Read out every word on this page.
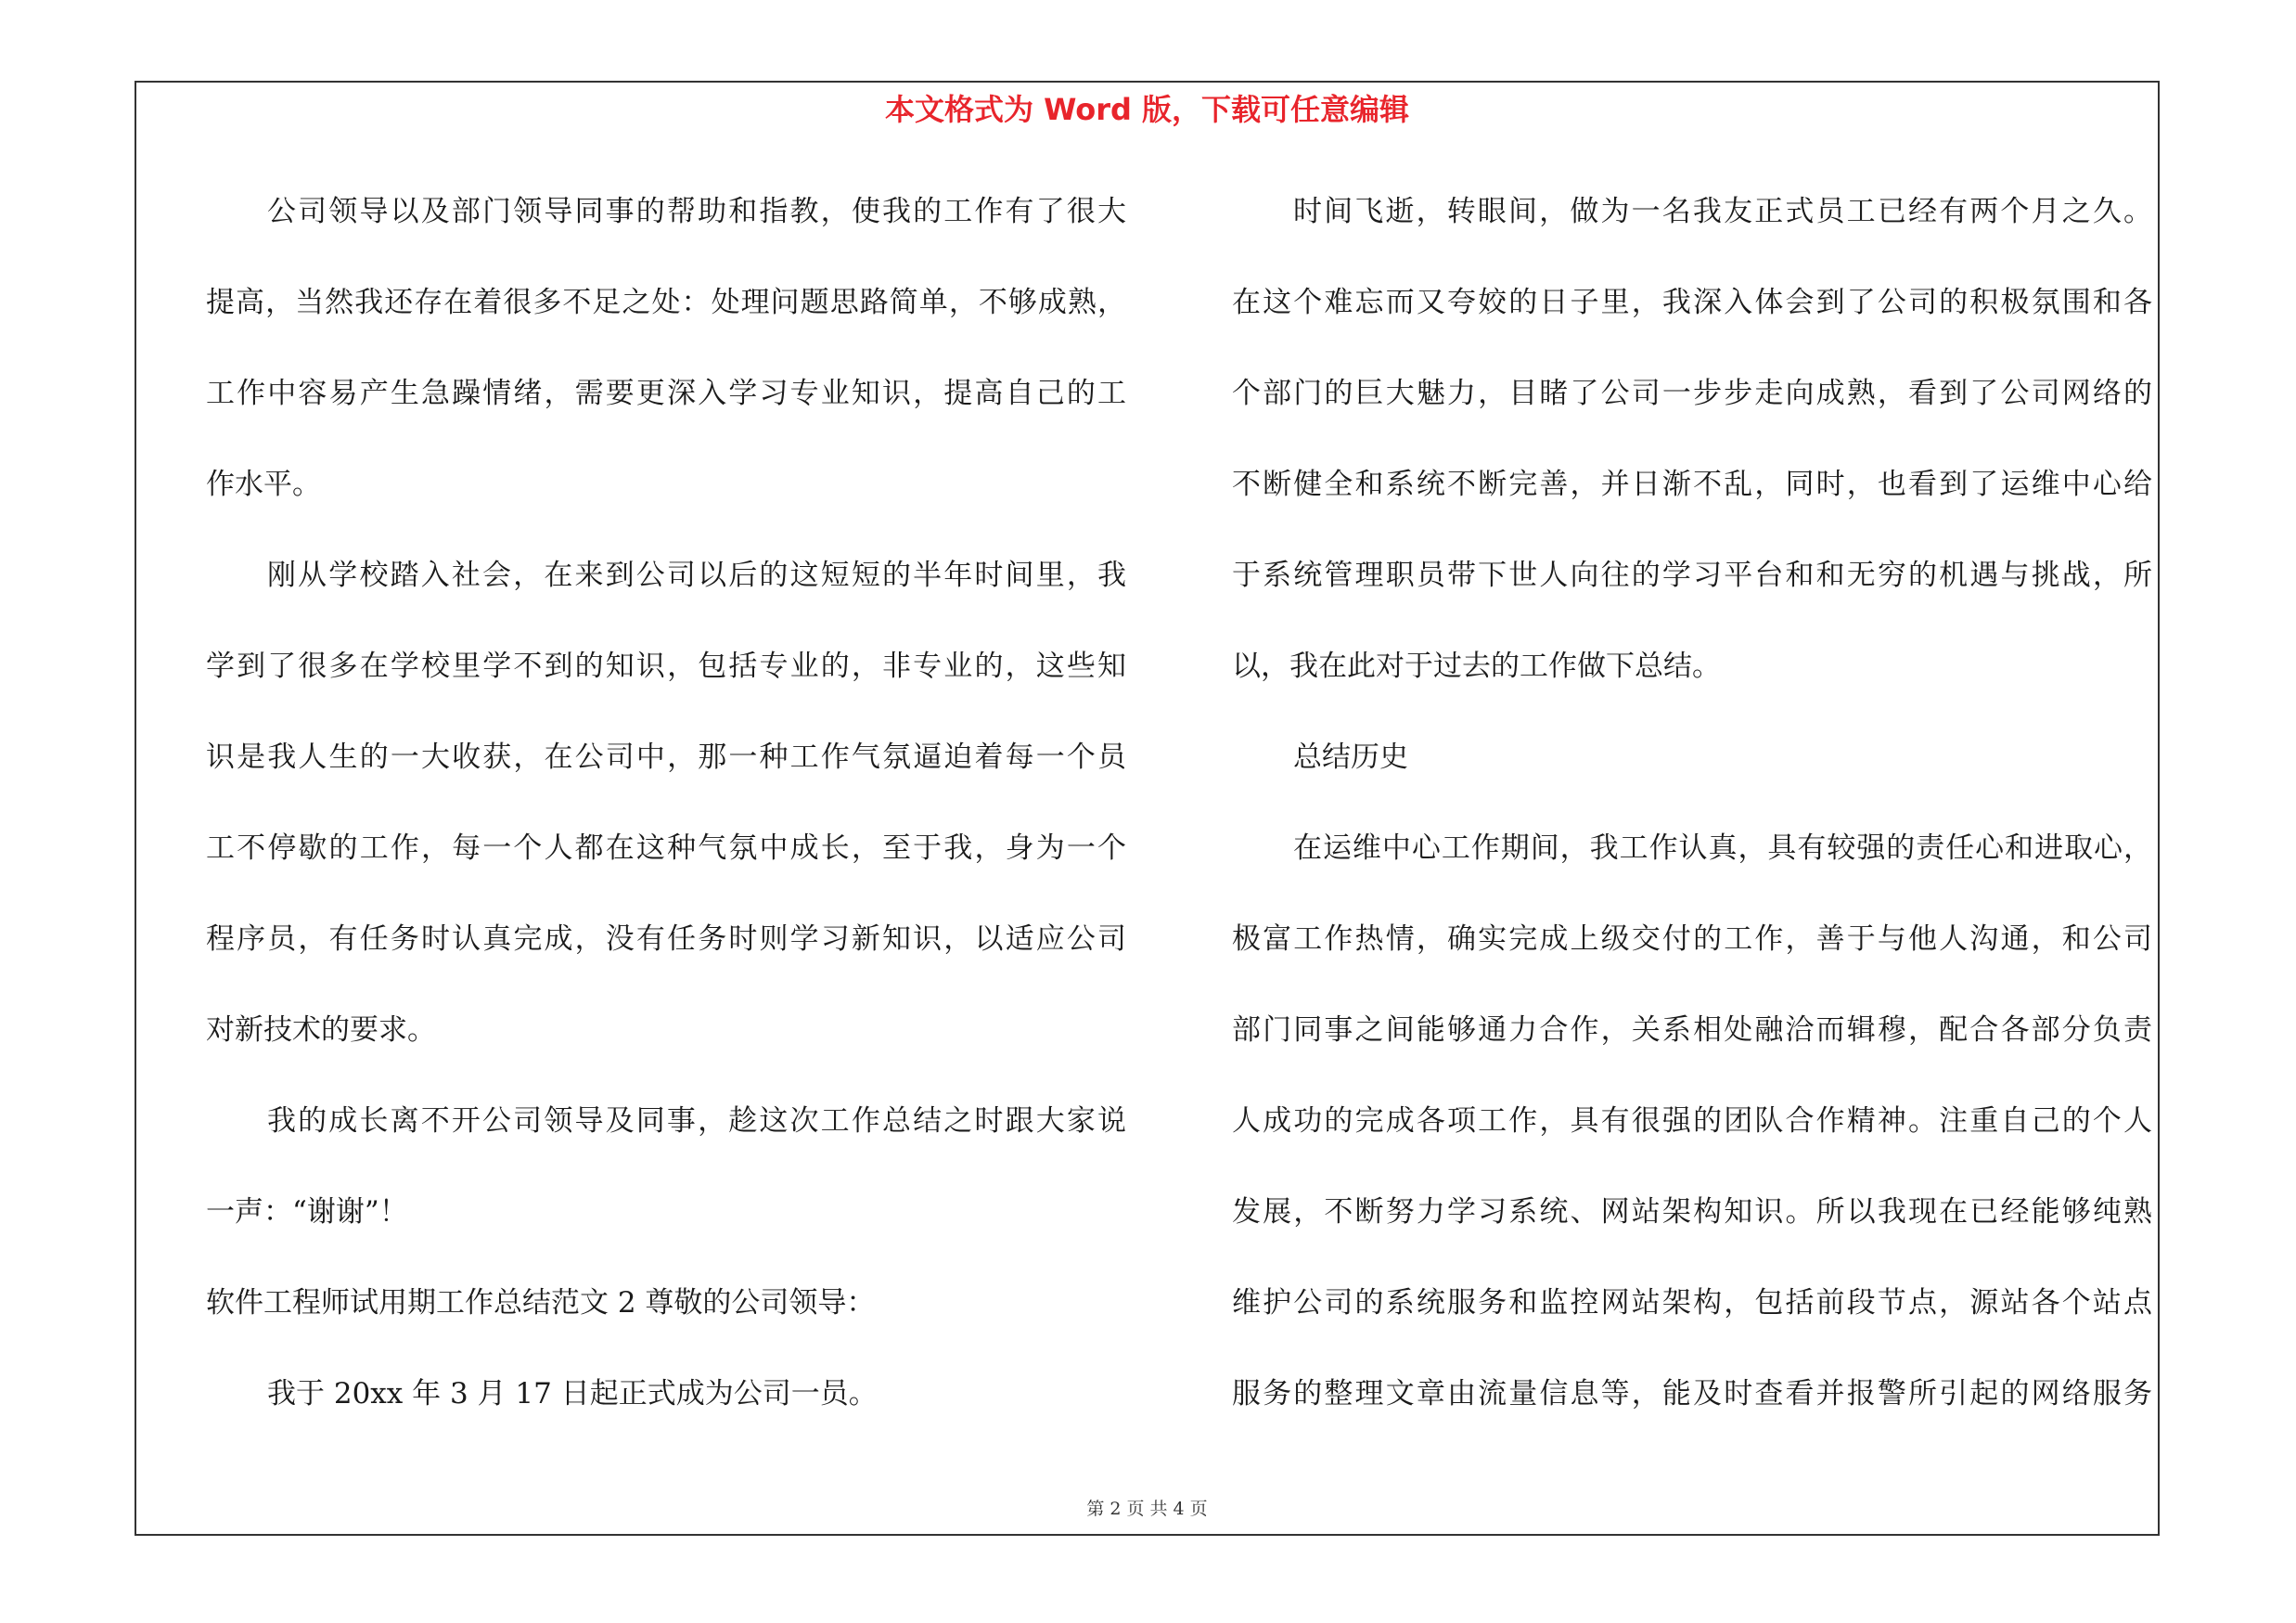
本文格式为 Word 版，下载可任意编辑
公司领导以及部门领导同事的帮助和指教，使我的工作有了很大
提高，当然我还存在着很多不足之处：处理问题思路简单，不够成熟，
工作中容易产生急躁情绪，需要更深入学习专业知识，提高自己的工
作水平。
刚从学校踏入社会，在来到公司以后的这短短的半年时间里，我
学到了很多在学校里学不到的知识，包括专业的，非专业的，这些知
识是我人生的一大收获，在公司中，那一种工作气氛逼迫着每一个员
工不停歇的工作，每一个人都在这种气氛中成长，至于我，身为一个
程序员，有任务时认真完成，没有任务时则学习新知识，以适应公司
对新技术的要求。
我的成长离不开公司领导及同事，趁这次工作总结之时跟大家说
一声：“谢谢”！
软件工程师试用期工作总结范文 2 尊敬的公司领导：
我于 20xx 年 3 月 17 日起正式成为公司一员。
时间飞逝，转眼间，做为一名我友正式员工已经有两个月之久。
在这个难忘而又夸姣的日子里，我深入体会到了公司的积极氛围和各
个部门的巨大魅力，目睹了公司一步步走向成熟，看到了公司网络的
不断健全和系统不断完善，并日渐不乱，同时，也看到了运维中心给
于系统管理职员带下世人向往的学习平台和和无穷的机遇与挑战，所
以，我在此对于过去的工作做下总结。
总结历史
在运维中心工作期间，我工作认真，具有较强的责任心和进取心，
极富工作热情，确实完成上级交付的工作，善于与他人沟通，和公司
部门同事之间能够通力合作，关系相处融洽而辑穆，配合各部分负责
人成功的完成各项工作，具有很强的团队合作精神。注重自己的个人
发展，不断努力学习系统、网站架构知识。所以我现在已经能够纯熟
维护公司的系统服务和监控网站架构，包括前段节点，源站各个站点
服务的整理文章由流量信息等，能及时查看并报警所引起的网络服务
第 2 页 共 4 页
